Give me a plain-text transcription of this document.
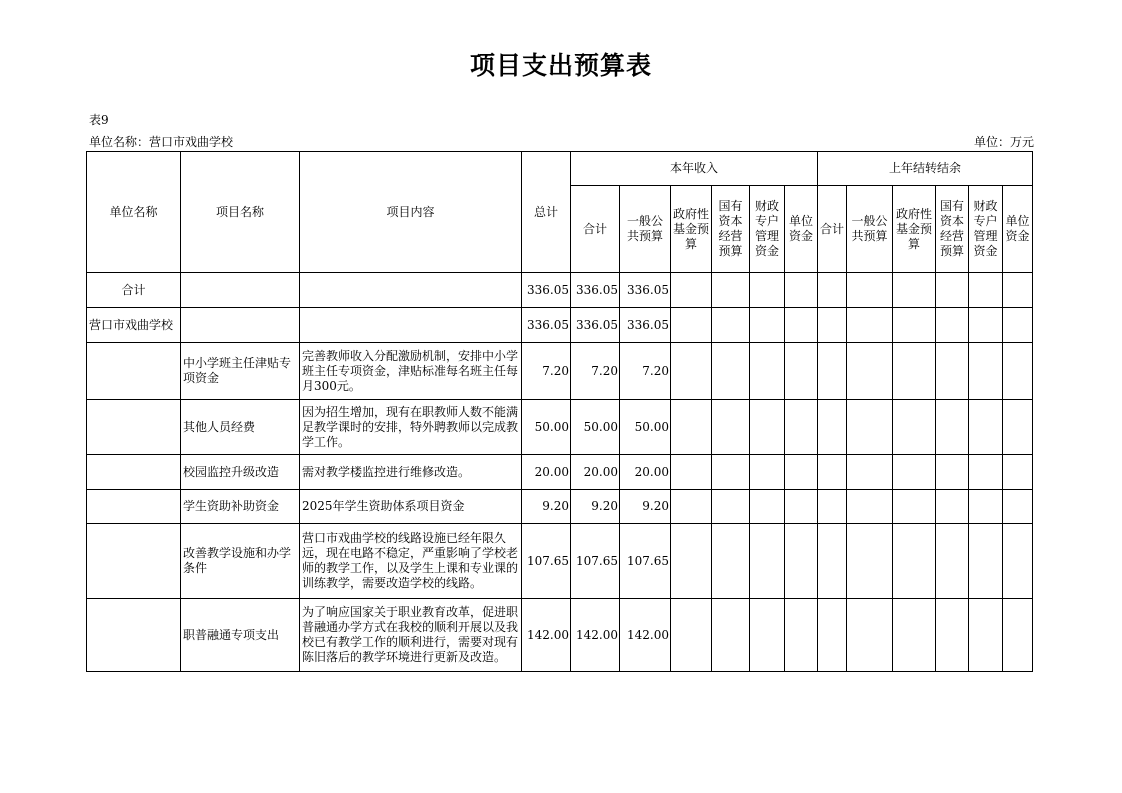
项目支出预算表
表9
单位名称：营口市戏曲学校	单位：万元
单位名称	项目名称	项目内容	总计	本年收入						上年结转结余					
				合计	一般公共预算	政府性基金预算	国有资本经营预算	财政专户管理资金	单位资金	合计	一般公共预算	政府性基金预算	国有资本经营预算	财政专户管理资金	单位资金
合计			336.05	336.05	336.05										
营口市戏曲学校			336.05	336.05	336.05										
	中小学班主任津贴专项资金	完善教师收入分配激励机制，安排中小学班主任专项资金，津贴标准每名班主任每月300元。	7.20	7.20	7.20										
	其他人员经费	因为招生增加，现有在职教师人数不能满足教学课时的安排，特外聘教师以完成教学工作。	50.00	50.00	50.00										
	校园监控升级改造	需对教学楼监控进行维修改造。	20.00	20.00	20.00										
	学生资助补助资金	2025年学生资助体系项目资金	9.20	9.20	9.20										
	改善教学设施和办学条件	营口市戏曲学校的线路设施已经年限久远，现在电路不稳定，严重影响了学校老师的教学工作，以及学生上课和专业课的训练教学，需要改造学校的线路。	107.65	107.65	107.65										
	职普融通专项支出	为了响应国家关于职业教育改革，促进职普融通办学方式在我校的顺利开展以及我校已有教学工作的顺利进行，需要对现有陈旧落后的教学环境进行更新及改造。	142.00	142.00	142.00										
